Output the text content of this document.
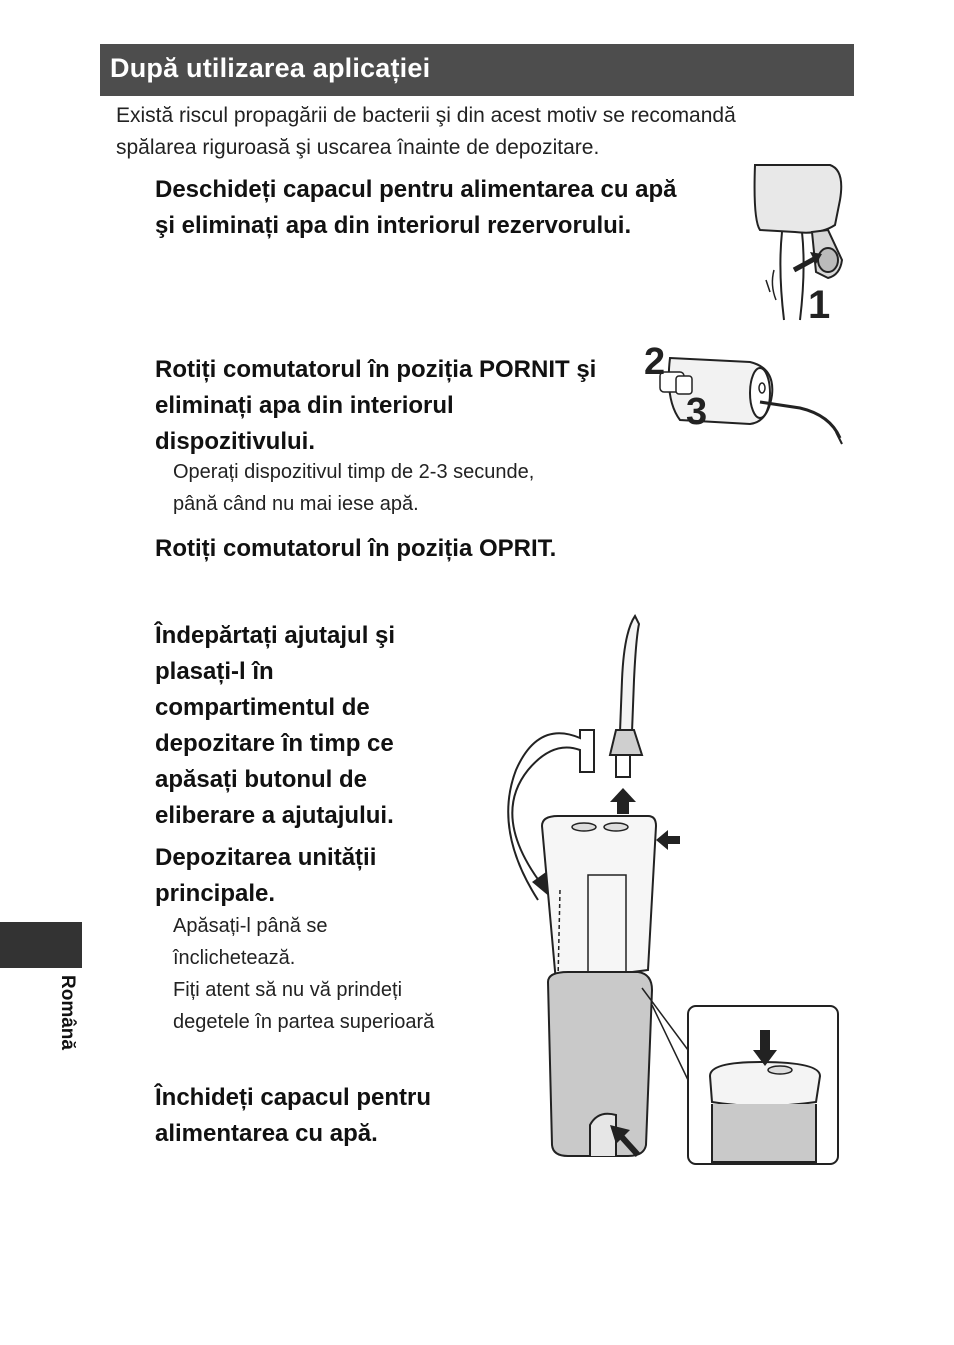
După utilizarea aplicației
Există riscul propagării de bacterii şi din acest motiv se recomandă
spălarea riguroasă şi uscarea înainte de depozitare.
Deschideți capacul pentru alimentarea cu apă
şi eliminați apa din interiorul rezervorului.
Rotiți comutatorul în poziția PORNIT şi
eliminați apa din interiorul
dispozitivului.
Operați dispozitivul timp de 2-3 secunde,
până când nu mai iese apă.
Rotiți comutatorul în poziția OPRIT.
Îndepărtați ajutajul şi
plasați-l în
compartimentul de
depozitare în timp ce
apăsați butonul de
eliberare a ajutajului.
Depozitarea unității
principale.
Apăsați-l până se
înclichetează.
Fiți atent să nu vă prindeți
degetele în partea superioară
Închideți capacul pentru
alimentarea cu apă.
1
2
3
Română
